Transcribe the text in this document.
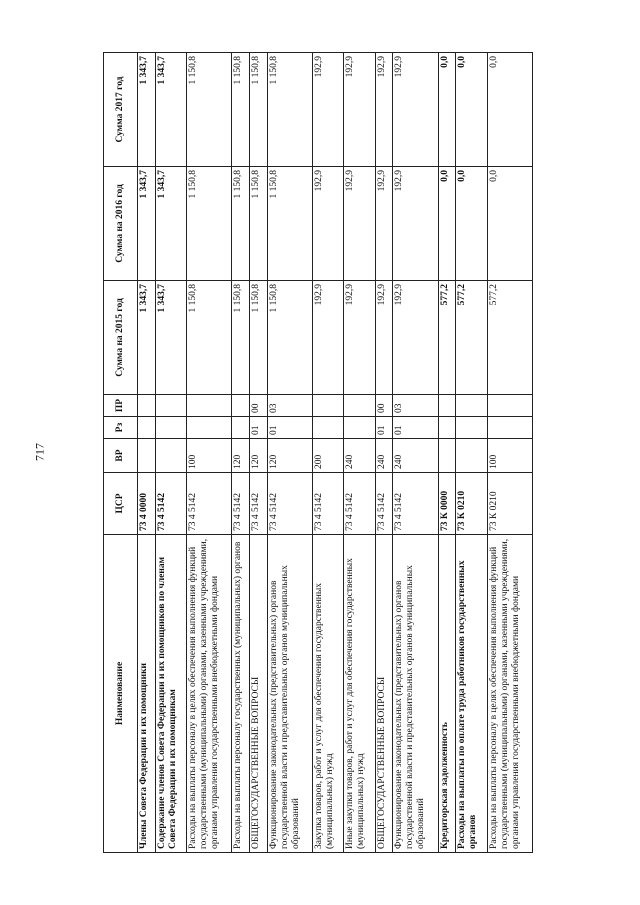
717
Наименование	ЦСР	ВР	Рз	ПР	Сумма на 2015 год	Сумма на 2016 год	Сумма 2017 год
Члены Совета Федерации и их помощники	73 4 0000				1 343,7	1 343,7	1 343,7
Содержание членов Совета Федерации и их помощников по членам Совета Федерации и их помощникам	73 4 5142				1 343,7	1 343,7	1 343,7
Расходы на выплаты персоналу в целях обеспечения выполнения функций государственными (муниципальными) органами, казенными учреждениями, органами управления государственными внебюджетными фондами	73 4 5142	100			1 150,8	1 150,8	1 150,8
Расходы на выплаты персоналу государственных (муниципальных) органов	73 4 5142	120			1 150,8	1 150,8	1 150,8
ОБЩЕГОСУДАРСТВЕННЫЕ ВОПРОСЫ	73 4 5142	120	01	00	1 150,8	1 150,8	1 150,8
Функционирование законодательных (представительных) органов государственной власти и представительных органов муниципальных образований	73 4 5142	120	01	03	1 150,8	1 150,8	1 150,8
Закупка товаров, работ и услуг для обеспечения государственных (муниципальных) нужд	73 4 5142	200			192,9	192,9	192,9
Иные закупки товаров, работ и услуг для обеспечения государственных (муниципальных) нужд	73 4 5142	240			192,9	192,9	192,9
ОБЩЕГОСУДАРСТВЕННЫЕ ВОПРОСЫ	73 4 5142	240	01	00	192,9	192,9	192,9
Функционирование законодательных (представительных) органов государственной власти и представительных органов муниципальных образований	73 4 5142	240	01	03	192,9	192,9	192,9
Кредиторская задолженность	73 К 0000				577,2	0,0	0,0
Расходы на выплаты по оплате труда работников государственных органов	73 К 0210				577,2	0,0	0,0
Расходы на выплаты персоналу в целях обеспечения выполнения функций государственными (муниципальными) органами, казенными учреждениями, органами управления государственными внебюджетными фондами	73 К 0210	100			577,2	0,0	0,0
